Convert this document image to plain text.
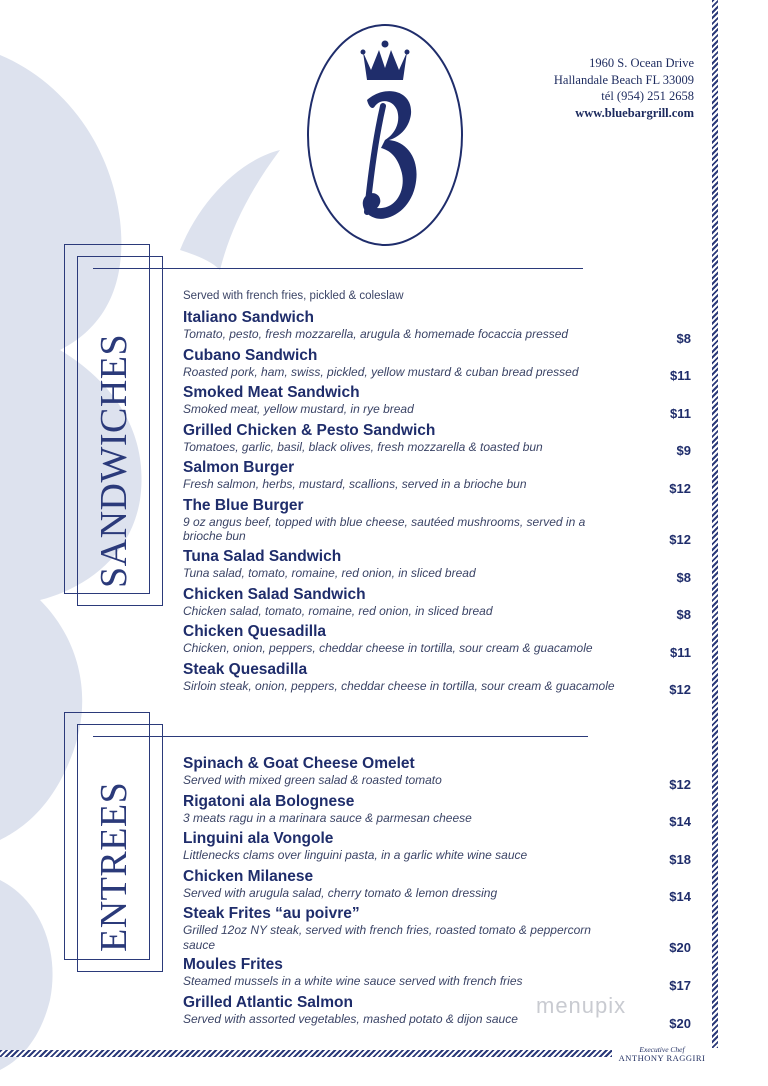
1960 S. Ocean Drive
Hallandale Beach FL 33009
tél (954) 251 2658
www.bluebargrill.com
SANDWICHES
Served with french fries, pickled & coleslaw
Italiano Sandwich
Tomato, pesto, fresh mozzarella, arugula & homemade focaccia pressed	$8
Cubano Sandwich
Roasted pork, ham, swiss, pickled, yellow mustard & cuban bread pressed	$11
Smoked Meat Sandwich
Smoked meat, yellow mustard, in rye bread	$11
Grilled Chicken & Pesto Sandwich
Tomatoes, garlic, basil, black olives, fresh mozzarella & toasted bun	$9
Salmon Burger
Fresh salmon, herbs, mustard, scallions, served in a brioche bun	$12
The Blue Burger
9 oz angus beef, topped with blue cheese, sautéed mushrooms, served in a brioche bun	$12
Tuna Salad Sandwich
Tuna salad, tomato, romaine, red onion, in sliced bread	$8
Chicken Salad Sandwich
Chicken salad, tomato, romaine, red onion, in sliced bread	$8
Chicken Quesadilla
Chicken, onion, peppers, cheddar cheese in tortilla, sour cream & guacamole	$11
Steak Quesadilla
Sirloin steak, onion, peppers, cheddar cheese in tortilla, sour cream & guacamole	$12
ENTREES
Spinach & Goat Cheese Omelet
Served with mixed green salad & roasted tomato	$12
Rigatoni ala Bolognese
3 meats ragu in a marinara sauce & parmesan cheese	$14
Linguini ala Vongole
Littlenecks clams over linguini pasta, in a garlic white wine sauce	$18
Chicken Milanese
Served with arugula salad, cherry tomato & lemon dressing	$14
Steak Frites “au poivre”
Grilled 12oz NY steak, served with french fries, roasted tomato & peppercorn sauce	$20
Moules Frites
Steamed mussels in a white wine sauce served with french fries	$17
Grilled Atlantic Salmon
Served with assorted vegetables, mashed potato & dijon sauce	$20
menupix
Executive Chef
ANTHONY RAGGIRI
